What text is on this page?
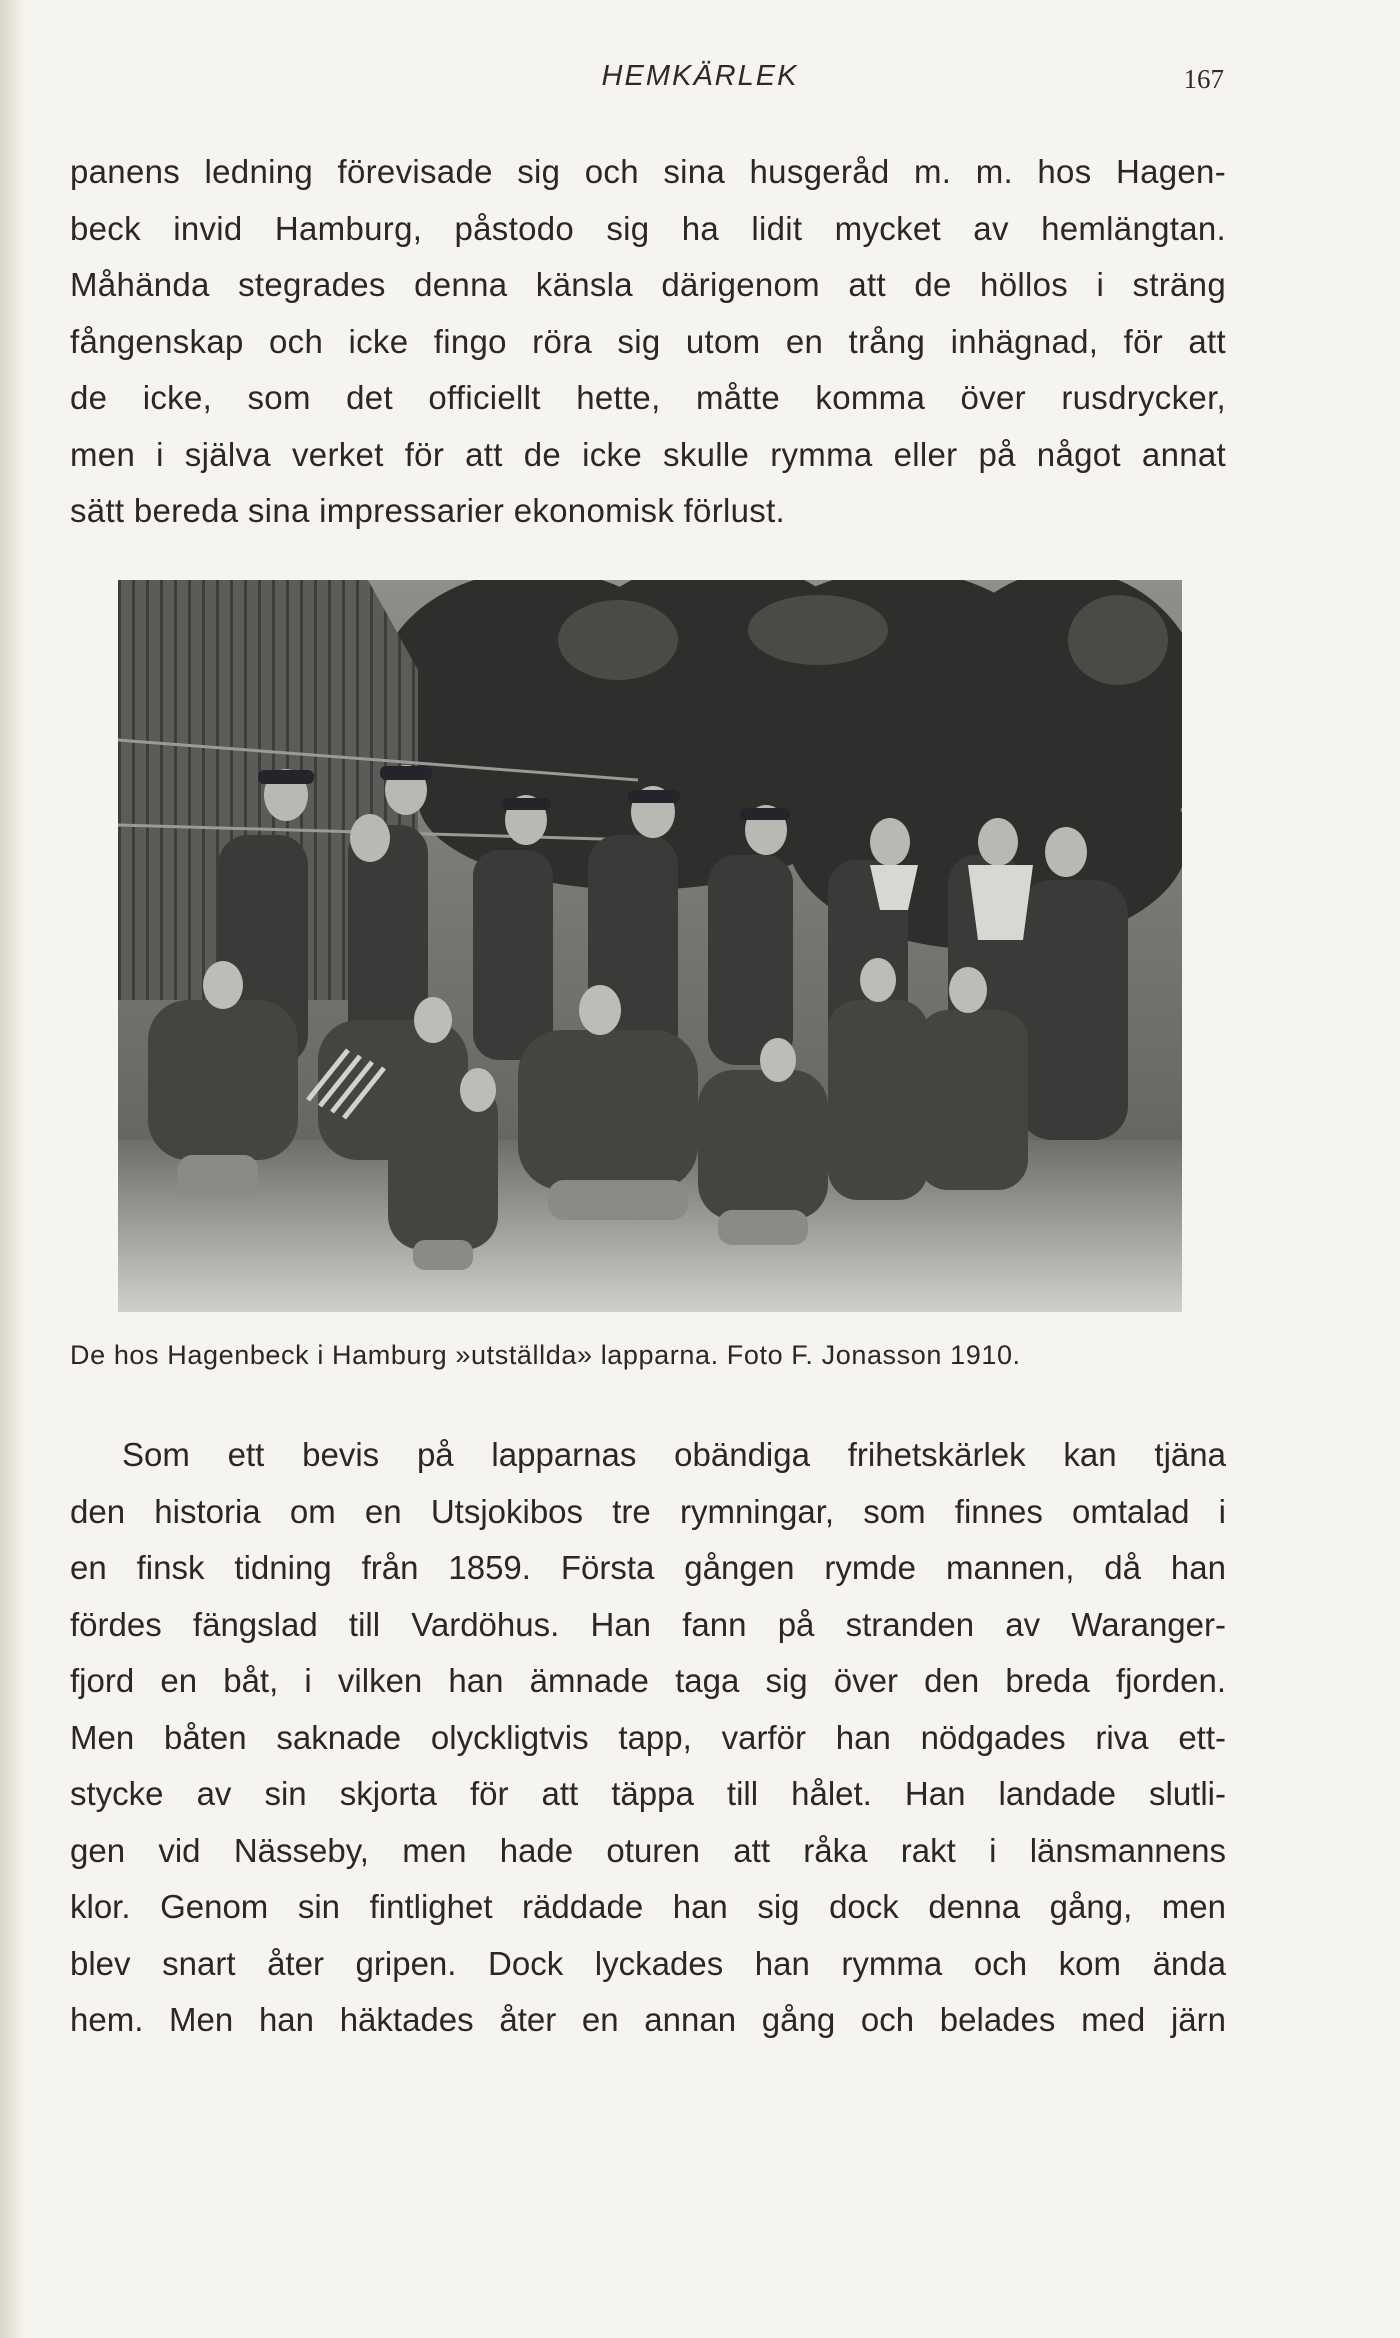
HEMKÄRLEK	167
panens ledning förevisade sig och sina husgeråd m. m. hos Hagen-
beck invid Hamburg, påstodo sig ha lidit mycket av hemlängtan.
Måhända stegrades denna känsla därigenom att de höllos i sträng
fångenskap och icke fingo röra sig utom en trång inhägnad, för att
de icke, som det officiellt hette, måtte komma över rusdrycker,
men i själva verket för att de icke skulle rymma eller på något annat
sätt bereda sina impressarier ekonomisk förlust.
De hos Hagenbeck i Hamburg »utställda» lapparna. Foto F. Jonasson 1910.
Som ett bevis på lapparnas obändiga frihetskärlek kan tjäna
den historia om en Utsjokibos tre rymningar, som finnes omtalad i
en finsk tidning från 1859. Första gången rymde mannen, då han
fördes fängslad till Vardöhus. Han fann på stranden av Waranger-
fjord en båt, i vilken han ämnade taga sig över den breda fjorden.
Men båten saknade olyckligtvis tapp, varför han nödgades riva ett-
stycke av sin skjorta för att täppa till hålet. Han landade slutli-
gen vid Nässeby, men hade oturen att råka rakt i länsmannens
klor. Genom sin fintlighet räddade han sig dock denna gång, men
blev snart åter gripen. Dock lyckades han rymma och kom ända
hem. Men han häktades åter en annan gång och belades med järn
